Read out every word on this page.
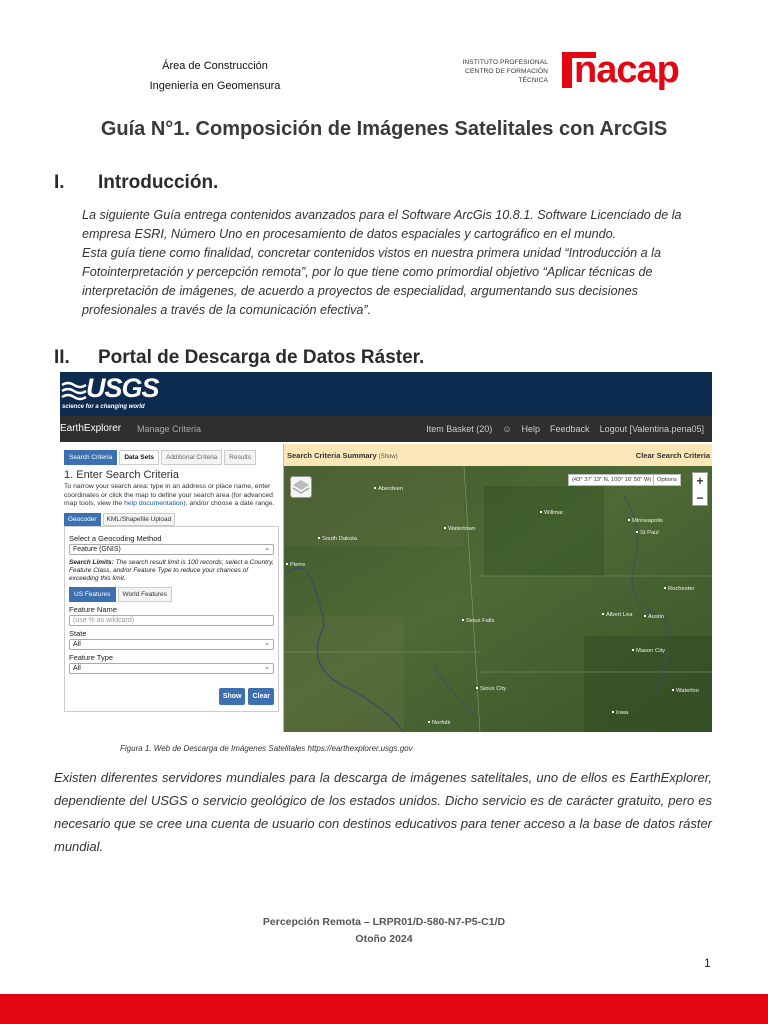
Área de Construcción
Ingeniería en Geomensura
INSTITUTO PROFESIONAL
CENTRO DE FORMACIÓN TÉCNICA nacap
Guía N°1. Composición de Imágenes Satelitales con ArcGIS
I. Introducción.

La siguiente Guía entrega contenidos avanzados para el Software ArcGis 10.8.1. Software Licenciado de la empresa ESRI, Número Uno en procesamiento de datos espaciales y cartográfico en el mundo.

Esta guía tiene como finalidad, concretar contenidos vistos en nuestra primera unidad “Introducción a la Fotointerpretación y percepción remota”, por lo que tiene como primordial objetivo “Aplicar técnicas de interpretación de imágenes, de acuerdo a proyectos de especialidad, argumentando sus decisiones profesionales a través de la comunicación efectiva”.

II. Portal de Descarga de Datos Ráster.
USGS
science for a changing world
EarthExplorer Manage Criteria	Item Basket (20) ☺ Help Feedback Logout [Valentina.pena05]
Search Criteria	Data Sets	Additional Criteria	Results
1. Enter Search Criteria
To narrow your search area: type in an address or place name, enter coordinates or click the map to define your search area (for advanced map tools, view the help documentation), and/or choose a date range.
Geocoder	KML/Shapefile Upload
Select a Geocoding Method
Feature (GNIS)	⌄
Search Limits: The search result limit is 100 records; select a Country, Feature Class, and/or Feature Type to reduce your chances of exceeding this limit.
US Features	World Features
Feature Name
(use % as wildcard)
State
All	⌄
Feature Type
All	⌄
Show	Clear
Search Criteria Summary (Show)	Clear Search Criteria
(43° 37' 13" N, 100° 16' 50" W) Options	+
−
Aberdeen
Willmar
Minneapolis
St Paul
Watertown
South Dakota
Pierre
Rochester
Albert Lea	Austin
Sioux Falls
Mason City
Sioux City	Waterloo
Iowa
Norfolk
Figura 1. Web de Descarga de Imágenes Satelitales https://earthexplorer.usgs.gov

Existen diferentes servidores mundiales para la descarga de imágenes satelitales, uno de ellos es EarthExplorer, dependiente del USGS o servicio geológico de los estados unidos. Dicho servicio es de carácter gratuito, pero es necesario que se cree una cuenta de usuario con destinos educativos para tener acceso a la base de datos ráster mundial.

Percepción Remota – LRPR01/D-580-N7-P5-C1/D
Otoño 2024
1
